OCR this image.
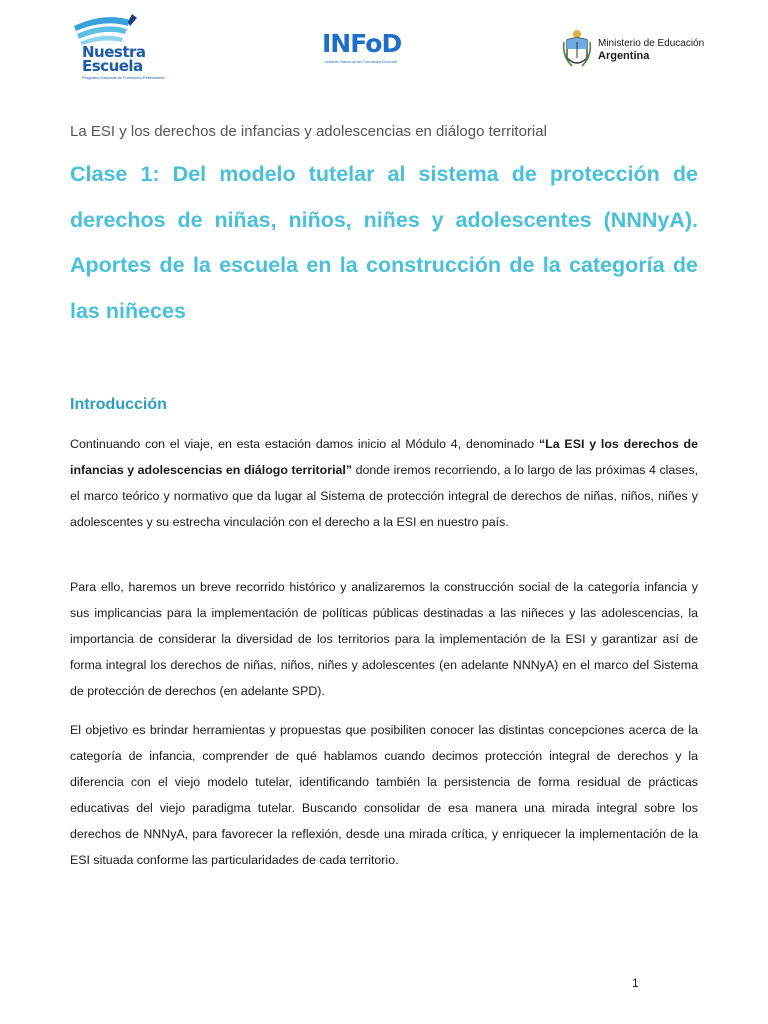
Nuestra
Escuela
Programa Nacional de Formación Permanente
INFoD
Instituto Nacional de Formación Docente
Ministerio de Educación
Argentina
La ESI y los derechos de infancias y adolescencias en diálogo territorial
Clase 1: Del modelo tutelar al sistema de protección de derechos de niñas, niños, niñes y adolescentes (NNNyA). Aportes de la escuela en la construcción de la categoría de las niñeces
Introducción

Continuando con el viaje, en esta estación damos inicio al Módulo 4, denominado “La ESI y los derechos de infancias y adolescencias en diálogo territorial” donde iremos recorriendo, a lo largo de las próximas 4 clases, el marco teórico y normativo que da lugar al Sistema de protección integral de derechos de niñas, niños, niñes y adolescentes y su estrecha vinculación con el derecho a la ESI en nuestro país.

Para ello, haremos un breve recorrido histórico y analizaremos la construcción social de la categoría infancia y sus implicancias para la implementación de políticas públicas destinadas a las niñeces y las adolescencias, la importancia de considerar la diversidad de los territorios para la implementación de la ESI y garantizar así de forma integral los derechos de niñas, niños, niñes y adolescentes (en adelante NNNyA) en el marco del Sistema de protección de derechos (en adelante SPD).

El objetivo es brindar herramientas y propuestas que posibiliten conocer las distintas concepciones acerca de la categoría de infancia, comprender de qué hablamos cuando decimos protección integral de derechos y la diferencia con el viejo modelo tutelar, identificando también la persistencia de forma residual de prácticas educativas del viejo paradigma tutelar. Buscando consolidar de esa manera una mirada integral sobre los derechos de NNNyA, para favorecer la reflexión, desde una mirada crítica, y enriquecer la implementación de la ESI situada conforme las particularidades de cada territorio.

1
